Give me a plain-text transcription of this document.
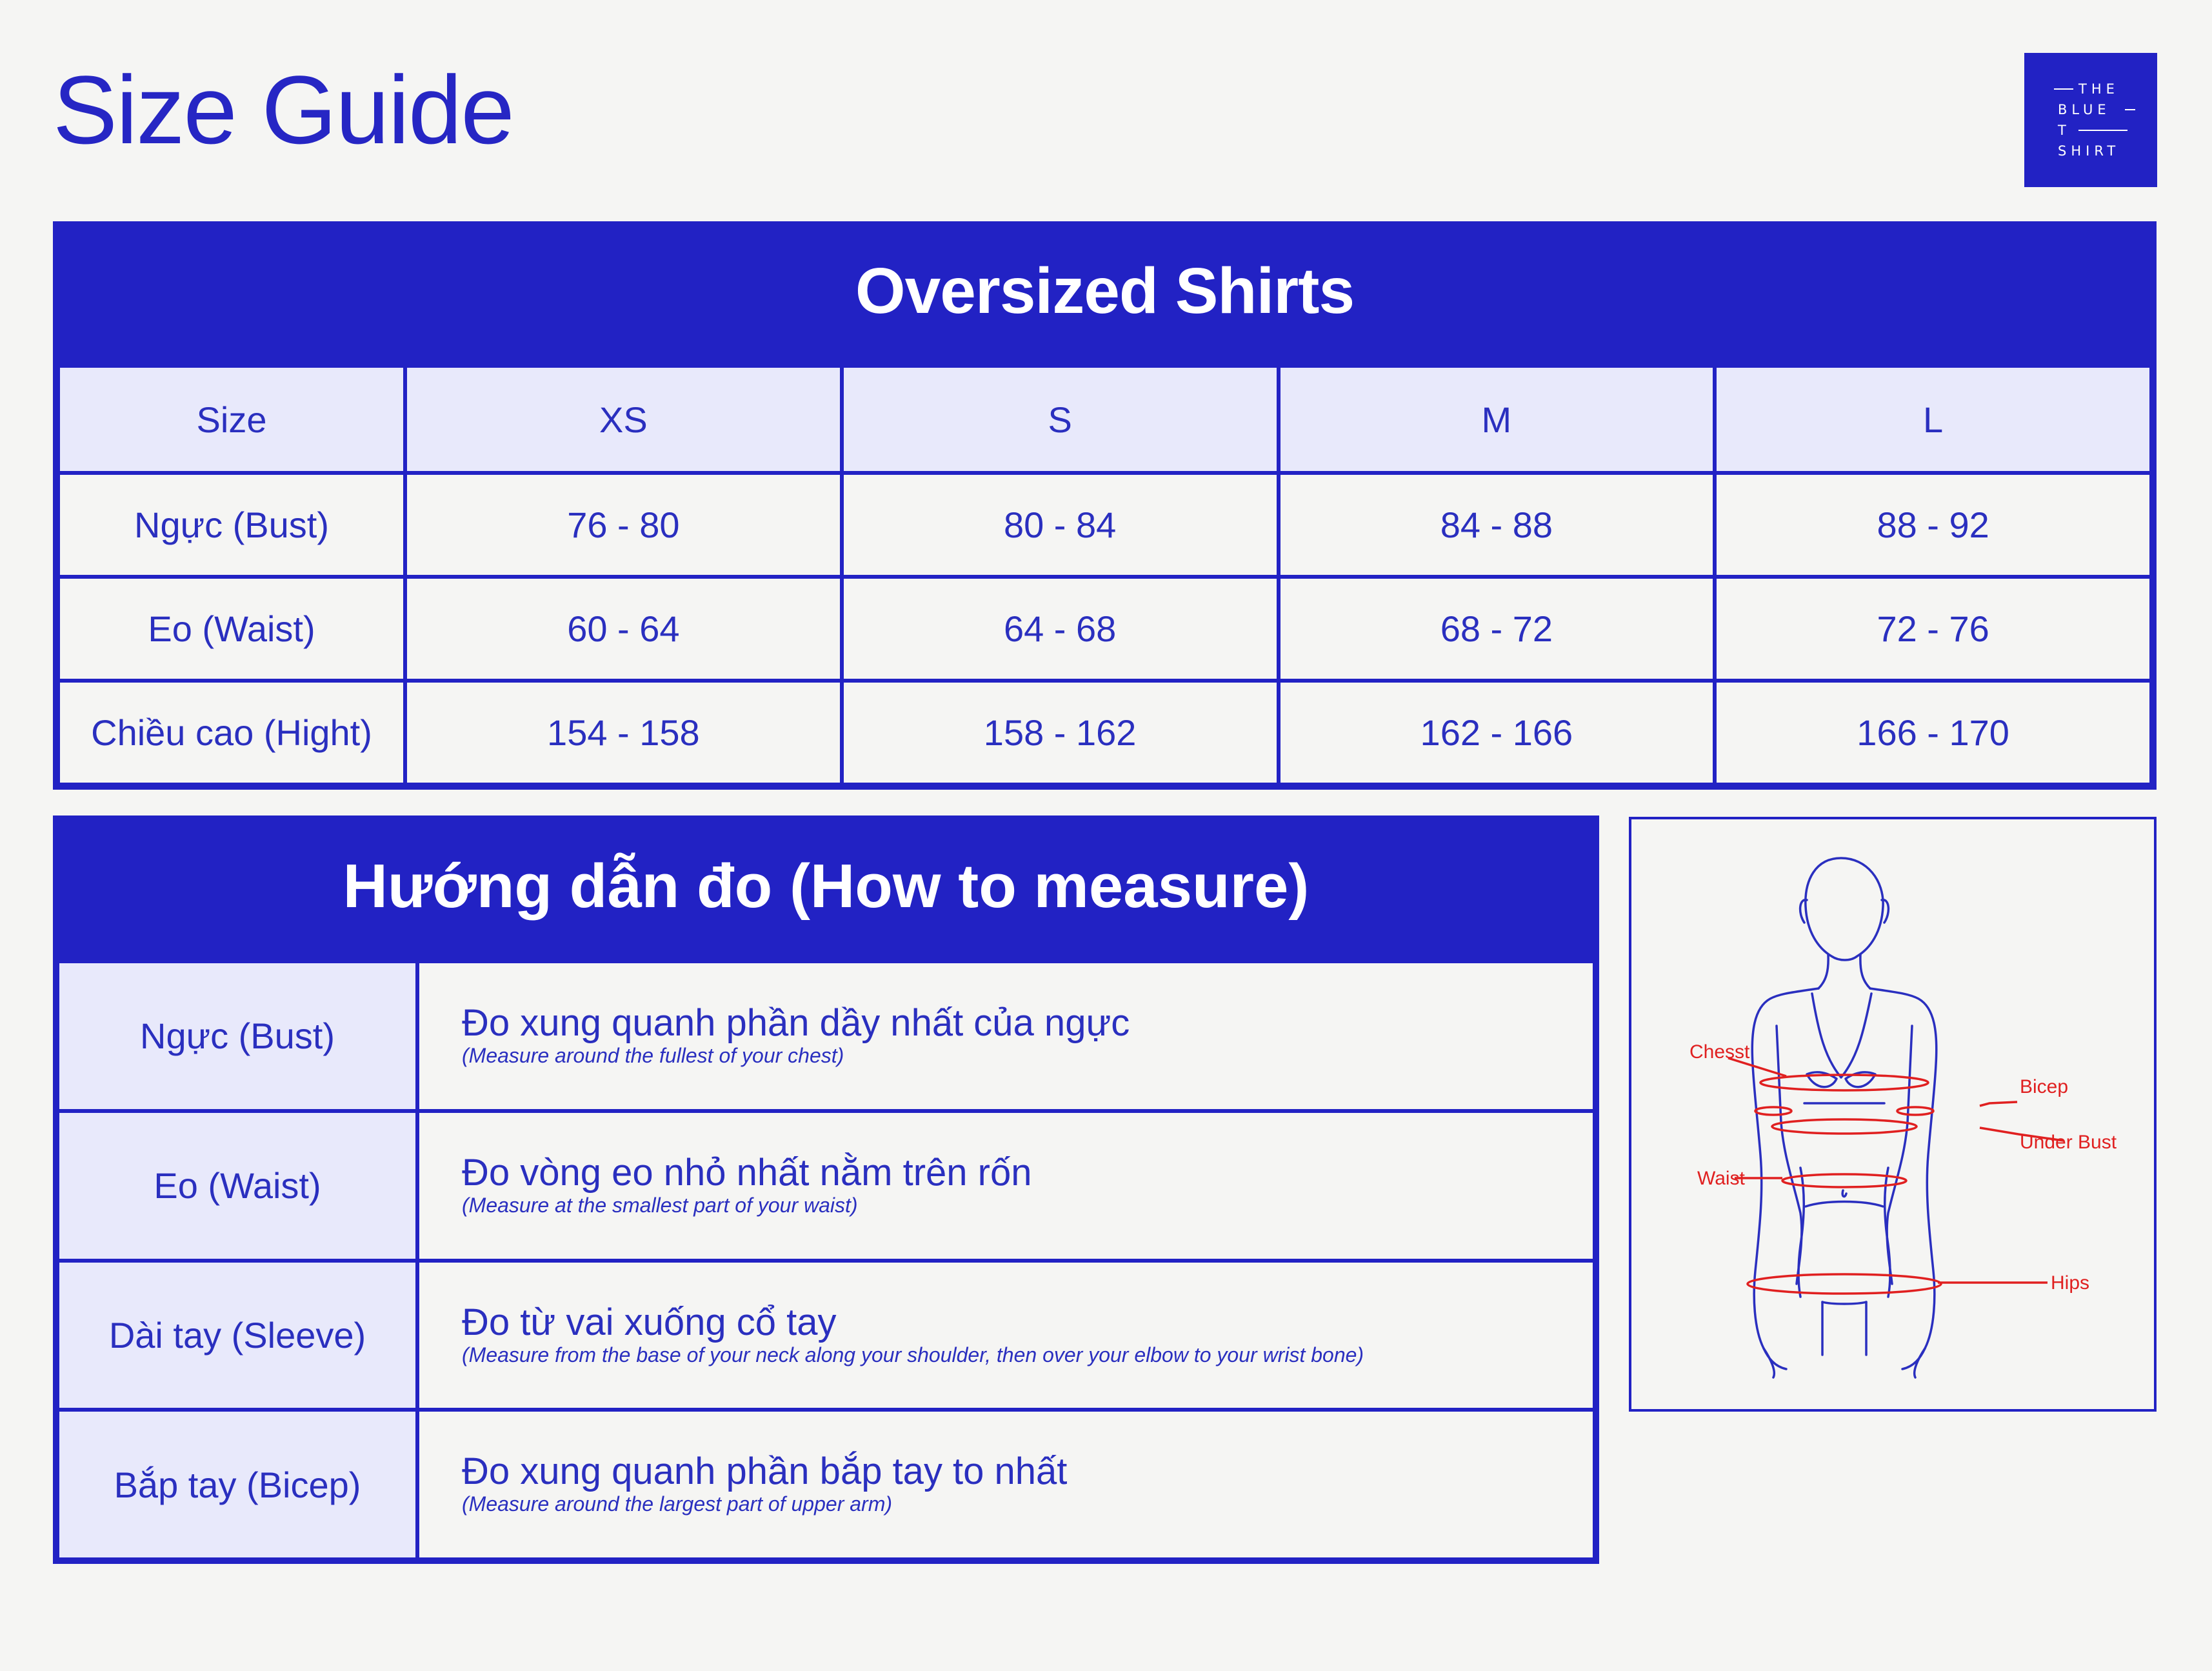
Size Guide	THE
BLUE
T
SHIRT
Oversized Shirts
Size	XS	S	M	L
Ngực (Bust)	76 - 80	80 - 84	84 - 88	88 - 92
Eo (Waist)	60 - 64	64 - 68	68 - 72	72 - 76
Chiều cao (Hight)	154 - 158	158 - 162	162 - 166	166 - 170
Hướng dẫn đo (How to measure)
Ngực (Bust)	Đo xung quanh phần dầy nhất của ngực
(Measure around the fullest of your chest)

Eo (Waist)	Đo vòng eo nhỏ nhất nằm trên rốn
(Measure at the smallest part of your waist)

Dài tay (Sleeve)	Đo từ vai xuống cổ tay
(Measure from the base of your neck along your shoulder, then over your elbow to your wrist bone)

Bắp tay (Bicep)	Đo xung quanh phần bắp tay to nhất
(Measure around the largest part of upper arm)
Chesst
Bicep
Under Bust
Waist
Hips
